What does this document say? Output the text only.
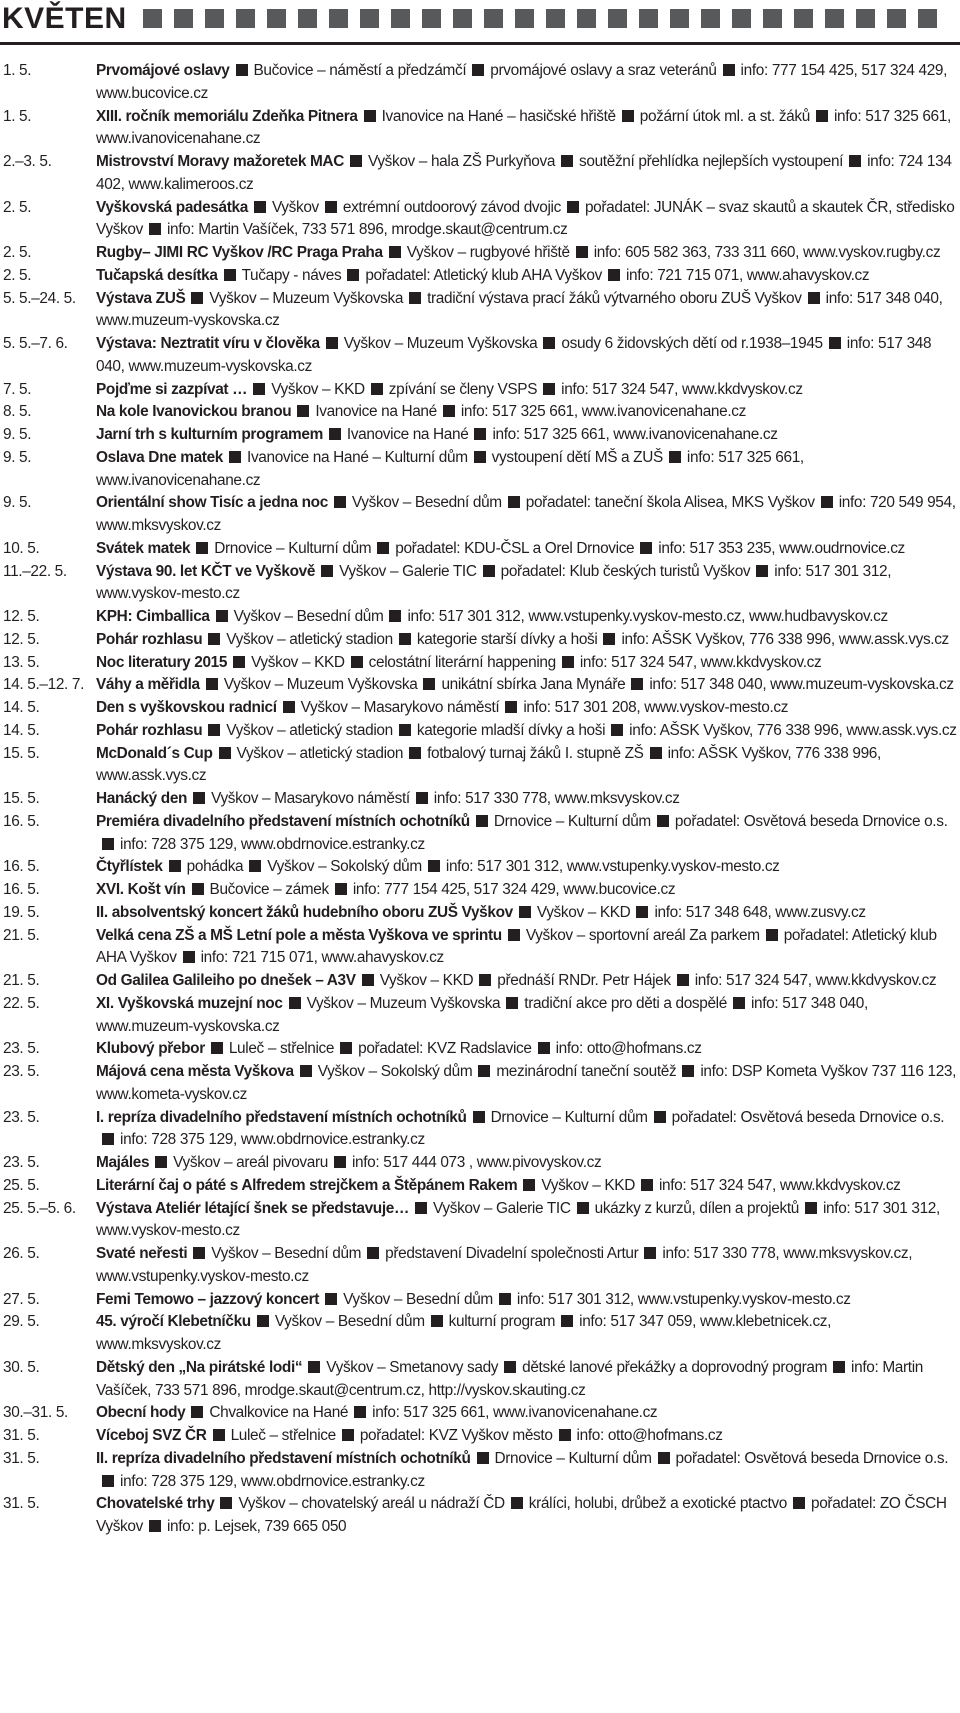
KVĚTEN
1. 5.	Prvomájové oslavy Bučovice – náměstí a předzámčí prvomájové oslavy a sraz veteránů info: 777 154 425, 517 324 429, www.bucovice.cz
1. 5.	XIII. ročník memoriálu Zdeňka Pitnera Ivanovice na Hané – hasičské hřiště požární útok ml. a st. žáků info: 517 325 661, www.ivanovicenahane.cz
2.–3. 5.	Mistrovství Moravy mažoretek MAC Vyškov – hala ZŠ Purkyňova soutěžní přehlídka nejlepších vystoupení info: 724 134 402, www.kalimeroos.cz
2. 5.	Vyškovská padesátka Vyškov extrémní outdoorový závod dvojic pořadatel: JUNÁK – svaz skautů a skautek ČR, středisko Vyškov info: Martin Vašíček, 733 571 896, mrodge.skaut@centrum.cz
2. 5.	Rugby– JIMI RC Vyškov /RC Praga Praha Vyškov – rugbyové hřiště info: 605 582 363, 733 311 660, www.vyskov.rugby.cz
2. 5.	Tučapská desítka Tučapy - náves pořadatel: Atletický klub AHA Vyškov info: 721 715 071, www.ahavyskov.cz
5. 5.–24. 5. Výstava ZUŠ Vyškov – Muzeum Vyškovska tradiční výstava prací žáků výtvarného oboru ZUŠ Vyškov info: 517 348 040, www.muzeum-vyskovska.cz
5. 5.–7. 6. Výstava: Neztratit víru v člověka Vyškov – Muzeum Vyškovska osudy 6 židovských dětí od r.1938–1945 info: 517 348 040, www.muzeum-vyskovska.cz
7. 5.	Pojďme si zazpívat … Vyškov – KKD zpívání se členy VSPS info: 517 324 547, www.kkdvyskov.cz
8. 5.	Na kole Ivanovickou branou Ivanovice na Hané info: 517 325 661, www.ivanovicenahane.cz
9. 5.	Jarní trh s kulturním programem Ivanovice na Hané info: 517 325 661, www.ivanovicenahane.cz
9. 5.	Oslava Dne matek Ivanovice na Hané – Kulturní dům vystoupení dětí MŠ a ZUŠ info: 517 325 661, www.ivanovicenahane.cz
9. 5.	Orientální show Tisíc a jedna noc Vyškov – Besední dům pořadatel: taneční škola Alisea, MKS Vyškov info: 720 549 954, www.mksvyskov.cz
10. 5.	Svátek matek Drnovice – Kulturní dům pořadatel: KDU-ČSL a Orel Drnovice info: 517 353 235, www.oudrnovice.cz
11.–22. 5. Výstava 90. let KČT ve Vyškově Vyškov – Galerie TIC pořadatel: Klub českých turistů Vyškov info: 517 301 312, www.vyskov-mesto.cz
12. 5.	KPH: Cimballica Vyškov – Besední dům info: 517 301 312, www.vstupenky.vyskov-mesto.cz, www.hudbavyskov.cz
12. 5.	Pohár rozhlasu Vyškov – atletický stadion kategorie starší dívky a hoši info: AŠSK Vyškov, 776 338 996, www.assk.vys.cz
13. 5.	Noc literatury 2015 Vyškov – KKD celostátní literární happening info: 517 324 547, www.kkdvyskov.cz
14. 5.–12. 7. Váhy a měřidla Vyškov – Muzeum Vyškovska unikátní sbírka Jana Mynáře info: 517 348 040, www.muzeum-vyskovska.cz
14. 5.	Den s vyškovskou radnicí Vyškov – Masarykovo náměstí info: 517 301 208, www.vyskov-mesto.cz
14. 5.	Pohár rozhlasu Vyškov – atletický stadion kategorie mladší dívky a hoši info: AŠSK Vyškov, 776 338 996, www.assk.vys.cz
15. 5.	McDonald´s Cup Vyškov – atletický stadion fotbalový turnaj žáků I. stupně ZŠ info: AŠSK Vyškov, 776 338 996, www.assk.vys.cz
15. 5.	Hanácký den Vyškov – Masarykovo náměstí info: 517 330 778, www.mksvyskov.cz
16. 5.	Premiéra divadelního představení místních ochotníků Drnovice – Kulturní dům pořadatel: Osvětová beseda Drnovice o.s.info: 728 375 129, www.obdrnovice.estranky.cz
16. 5.	Čtyřlístek pohádka Vyškov – Sokolský dům info: 517 301 312, www.vstupenky.vyskov-mesto.cz
16. 5.	XVI. Košt vín Bučovice – zámek info: 777 154 425, 517 324 429, www.bucovice.cz
19. 5.	II. absolventský koncert žáků hudebního oboru ZUŠ Vyškov Vyškov – KKD info: 517 348 648, www.zusvy.cz
21. 5.	Velká cena ZŠ a MŠ Letní pole a města Vyškova ve sprintu Vyškov – sportovní areál Za parkem pořadatel: Atletický klub AHA Vyškov info: 721 715 071, www.ahavyskov.cz
21. 5.	Od Galilea Galileiho po dnešek – A3V Vyškov – KKD přednáší RNDr. Petr Hájek info: 517 324 547, www.kkdvyskov.cz
22. 5.	XI. Vyškovská muzejní noc Vyškov – Muzeum Vyškovska tradiční akce pro děti a dospělé info: 517 348 040, www.muzeum-vyskovska.cz
23. 5.	Klubový přebor Luleč – střelnice pořadatel: KVZ Radslavice info: otto@hofmans.cz
23. 5.	Májová cena města Vyškova Vyškov – Sokolský dům mezinárodní taneční soutěž info: DSP Kometa Vyškov 737 116 123, www.kometa-vyskov.cz
23. 5.	I. repríza divadelního představení místních ochotníků Drnovice – Kulturní dům pořadatel: Osvětová beseda Drnovice o.s.info: 728 375 129, www.obdrnovice.estranky.cz
23. 5.	Majáles Vyškov – areál pivovaru info: 517 444 073 , www.pivovyskov.cz
25. 5.	Literární čaj o páté s Alfredem strejčkem a Štěpánem Rakem Vyškov – KKD info: 517 324 547, www.kkdvyskov.cz
25. 5.–5. 6. Výstava Ateliér létající šnek se představuje… Vyškov – Galerie TIC ukázky z kurzů, dílen a projektů info: 517 301 312, www.vyskov-mesto.cz
26. 5.	Svaté neřesti Vyškov – Besední dům představení Divadelní společnosti Artur info: 517 330 778, www.mksvyskov.cz, www.vstupenky.vyskov-mesto.cz
27. 5.	Femi Temowo – jazzový koncert Vyškov – Besední dům info: 517 301 312, www.vstupenky.vyskov-mesto.cz
29. 5.	45. výročí Klebetníčku Vyškov – Besední dům kulturní program info: 517 347 059, www.klebetnicek.cz, www.mksvyskov.cz
30. 5.	Dětský den „Na pirátské lodi“ Vyškov – Smetanovy sady dětské lanové překážky a doprovodný program info: Martin Vašíček, 733 571 896, mrodge.skaut@centrum.cz, http://vyskov.skauting.cz
30.–31. 5. Obecní hody Chvalkovice na Hané info: 517 325 661, www.ivanovicenahane.cz
31. 5.	Víceboj SVZ ČR Luleč – střelnice pořadatel: KVZ Vyškov město info: otto@hofmans.cz
31. 5.	II. repríza divadelního představení místních ochotníků Drnovice – Kulturní dům pořadatel: Osvětová beseda Drnovice o.s.info: 728 375 129, www.obdrnovice.estranky.cz
31. 5.	Chovatelské trhy Vyškov – chovatelský areál u nádraží ČD králíci, holubi, drůbež a exotické ptactvo pořadatel: ZO ČSCH Vyškov info: p. Lejsek, 739 665 050
